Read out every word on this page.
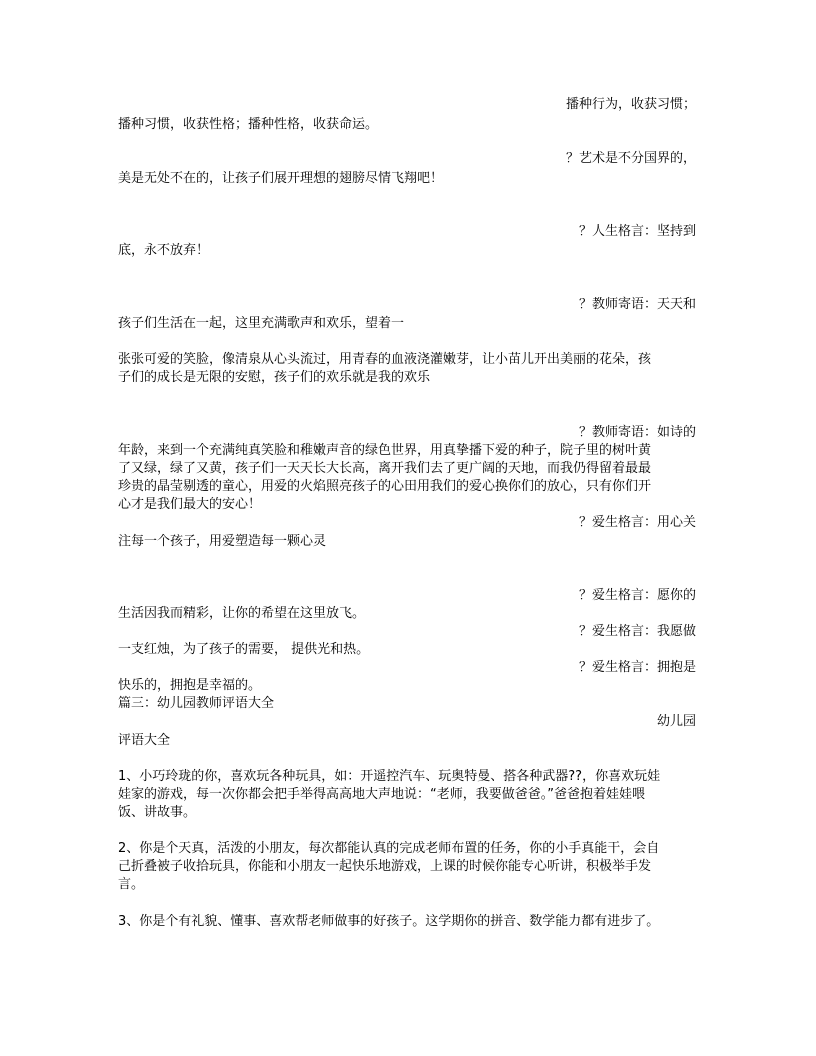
播种行为，收获习惯；
播种习惯，收获性格；播种性格，收获命运。
？艺术是不分国界的，
美是无处不在的，让孩子们展开理想的翅膀尽情飞翔吧！
？人生格言：坚持到
底，永不放弃！
？教师寄语：天天和
孩子们生活在一起，这里充满歌声和欢乐，望着一
张张可爱的笑脸，像清泉从心头流过，用青春的血液浇灌嫩芽，让小苗儿开出美丽的花朵，孩
子们的成长是无限的安慰，孩子们的欢乐就是我的欢乐
？教师寄语：如诗的
年龄，来到一个充满纯真笑脸和稚嫩声音的绿色世界，用真挚播下爱的种子，院子里的树叶黄
了又绿，绿了又黄，孩子们一天天长大长高，离开我们去了更广阔的天地，而我仍得留着最最
珍贵的晶莹剔透的童心，用爱的火焰照亮孩子的心田用我们的爱心换你们的放心，只有你们开
心才是我们最大的安心！
？爱生格言：用心关
注每一个孩子，用爱塑造每一颗心灵
？爱生格言：愿你的
生活因我而精彩，让你的希望在这里放飞。
？爱生格言：我愿做
一支红烛，为了孩子的需要， 提供光和热。
？爱生格言：拥抱是
快乐的，拥抱是幸福的。
篇三：幼儿园教师评语大全
幼儿园
评语大全
1、小巧玲珑的你，喜欢玩各种玩具，如：开遥控汽车、玩奥特曼、搭各种武器??，你喜欢玩娃
娃家的游戏，每一次你都会把手举得高高地大声地说：“老师，我要做爸爸。”爸爸抱着娃娃喂
饭、讲故事。
2、你是个天真，活泼的小朋友，每次都能认真的完成老师布置的任务，你的小手真能干，会自
己折叠被子收拾玩具，你能和小朋友一起快乐地游戏，上课的时候你能专心听讲，积极举手发
言。
3、你是个有礼貌、懂事、喜欢帮老师做事的好孩子。这学期你的拼音、数学能力都有进步了。
